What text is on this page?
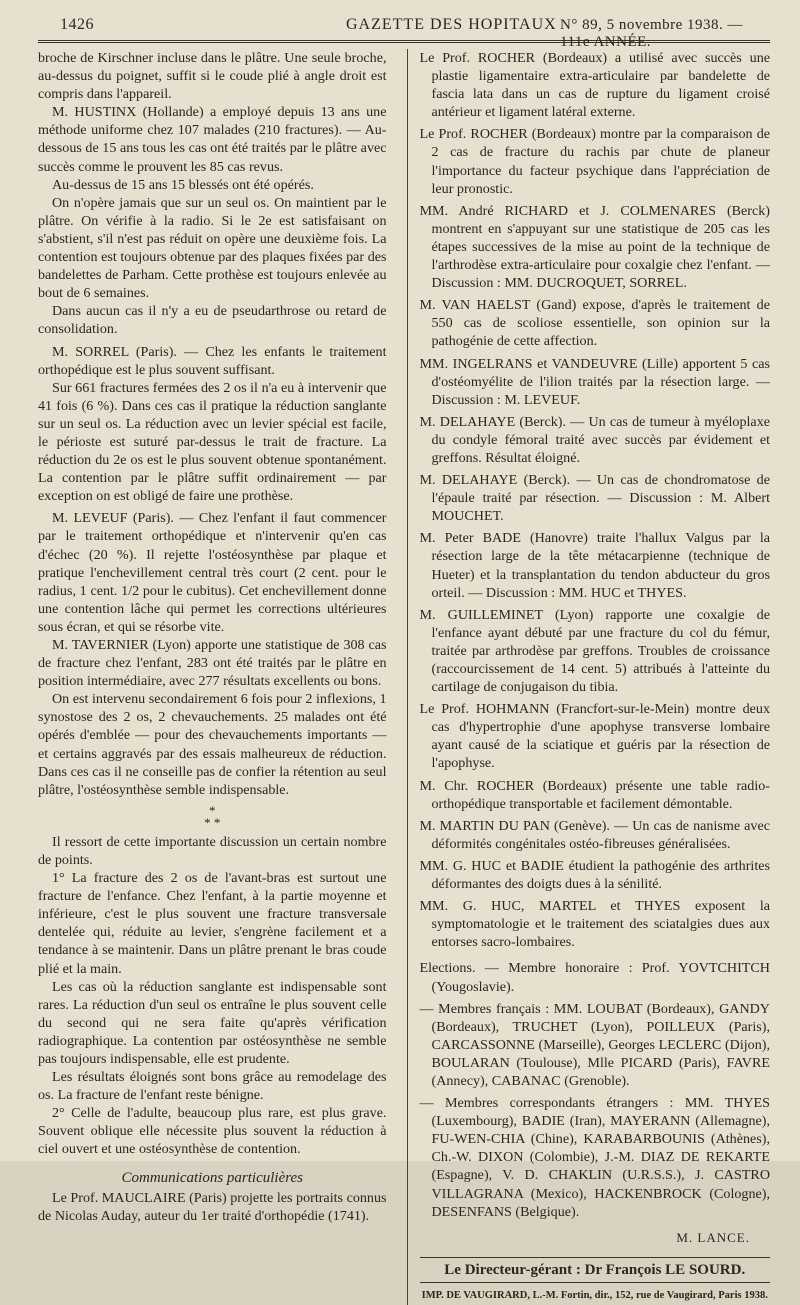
1426	GAZETTE DES HOPITAUX N° 89, 5 novembre 1938. — 111e ANNÉE.

broche de Kirschner incluse dans le plâtre. Une seule broche, au-dessus du poignet, suffit si le coude plié à angle droit est compris dans l'appareil.

M. HUSTINX (Hollande) a employé depuis 13 ans une méthode uniforme chez 107 malades (210 fractures). — Au-dessous de 15 ans tous les cas ont été traités par le plâtre avec succès comme le prouvent les 85 cas revus.

Au-dessus de 15 ans 15 blessés ont été opérés.

On n'opère jamais que sur un seul os. On maintient par le plâtre. On vérifie à la radio. Si le 2e est satisfaisant on s'abstient, s'il n'est pas réduit on opère une deuxième fois. La contention est toujours obtenue par des plaques fixées par des bandelettes de Parham. Cette prothèse est toujours enlevée au bout de 6 semaines.

Dans aucun cas il n'y a eu de pseudarthrose ou retard de consolidation.

M. SORREL (Paris). — Chez les enfants le traitement orthopédique est le plus souvent suffisant.

Sur 661 fractures fermées des 2 os il n'a eu à intervenir que 41 fois (6 %). Dans ces cas il pratique la réduction sanglante sur un seul os. La réduction avec un levier spécial est facile, le périoste est suturé par-dessus le trait de fracture. La réduction du 2e os est le plus souvent obtenue spontanément. La contention par le plâtre suffit ordinairement — par exception on est obligé de faire une prothèse.

M. LEVEUF (Paris). — Chez l'enfant il faut commencer par le traitement orthopédique et n'intervenir qu'en cas d'échec (20 %). Il rejette l'ostéosynthèse par plaque et pratique l'enchevillement central très court (2 cent. pour le radius, 1 cent. 1/2 pour le cubitus). Cet enchevillement donne une contention lâche qui permet les corrections ultérieures sous écran, et qui se résorbe vite.

M. TAVERNIER (Lyon) apporte une statistique de 308 cas de fracture chez l'enfant, 283 ont été traités par le plâtre en position intermédiaire, avec 277 résultats excellents ou bons.

On est intervenu secondairement 6 fois pour 2 inflexions, 1 synostose des 2 os, 2 chevauchements. 25 malades ont été opérés d'emblée — pour des chevauchements importants — et certains aggravés par des essais malheureux de réduction. Dans ces cas il ne conseille pas de confier la rétention au seul plâtre, l'ostéosynthèse semble indispensable.

*
* *

Il ressort de cette importante discussion un certain nombre de points.

1° La fracture des 2 os de l'avant-bras est surtout une fracture de l'enfance. Chez l'enfant, à la partie moyenne et inférieure, c'est le plus souvent une fracture transversale dentelée qui, réduite au levier, s'engrène facilement et a tendance à se maintenir. Dans un plâtre prenant le bras coude plié et la main.

Les cas où la réduction sanglante est indispensable sont rares. La réduction d'un seul os entraîne le plus souvent celle du second qui ne sera faite qu'après vérification radiographique. La contention par ostéosynthèse ne semble pas toujours indispensable, elle est prudente.

Les résultats éloignés sont bons grâce au remodelage des os. La fracture de l'enfant reste bénigne.

2° Celle de l'adulte, beaucoup plus rare, est plus grave. Souvent oblique elle nécessite plus souvent la réduction à ciel ouvert et une ostéosynthèse de contention.

Communications particulières

Le Prof. MAUCLAIRE (Paris) projette les portraits connus de Nicolas Auday, auteur du 1er traité d'orthopédie (1741).

Le Prof. ROCHER (Bordeaux) a utilisé avec succès une plastie ligamentaire extra-articulaire par bandelette de fascia lata dans un cas de rupture du ligament croisé antérieur et ligament latéral externe.

Le Prof. ROCHER (Bordeaux) montre par la comparaison de 2 cas de fracture du rachis par chute de planeur l'importance du facteur psychique dans l'appréciation de leur pronostic.

MM. André RICHARD et J. COLMENARES (Berck) montrent en s'appuyant sur une statistique de 205 cas les étapes successives de la mise au point de la technique de l'arthrodèse extra-articulaire pour coxalgie chez l'enfant. — Discussion : MM. DUCROQUET, SORREL.

M. VAN HAELST (Gand) expose, d'après le traitement de 550 cas de scoliose essentielle, son opinion sur la pathogénie de cette affection.

MM. INGELRANS et VANDEUVRE (Lille) apportent 5 cas d'ostéomyélite de l'ilion traités par la résection large. — Discussion : M. LEVEUF.

M. DELAHAYE (Berck). — Un cas de tumeur à myéloplaxe du condyle fémoral traité avec succès par évidement et greffons. Résultat éloigné.

M. DELAHAYE (Berck). — Un cas de chondromatose de l'épaule traité par résection. — Discussion : M. Albert MOUCHET.

M. Peter BADE (Hanovre) traite l'hallux Valgus par la résection large de la tête métacarpienne (technique de Hueter) et la transplantation du tendon abducteur du gros orteil. — Discussion : MM. HUC et THYES.

M. GUILLEMINET (Lyon) rapporte une coxalgie de l'enfance ayant débuté par une fracture du col du fémur, traitée par arthrodèse par greffons. Troubles de croissance (raccourcissement de 14 cent. 5) attribués à l'atteinte du cartilage de conjugaison du tibia.

Le Prof. HOHMANN (Francfort-sur-le-Mein) montre deux cas d'hypertrophie d'une apophyse transverse lombaire ayant causé de la sciatique et guéris par la résection de l'apophyse.

M. Chr. ROCHER (Bordeaux) présente une table radio-orthopédique transportable et facilement démontable.

M. MARTIN DU PAN (Genève). — Un cas de nanisme avec déformités congénitales ostéo-fibreuses généralisées.

MM. G. HUC et BADIE étudient la pathogénie des arthrites déformantes des doigts dues à la sénilité.

MM. G. HUC, MARTEL et THYES exposent la symptomatologie et le traitement des sciatalgies dues aux entorses sacro-lombaires.

Elections. — Membre honoraire : Prof. YOVTCHITCH (Yougoslavie).

— Membres français : MM. LOUBAT (Bordeaux), GANDY (Bordeaux), TRUCHET (Lyon), POILLEUX (Paris), CARCASSONNE (Marseille), Georges LECLERC (Dijon), BOULARAN (Toulouse), Mlle PICARD (Paris), FAVRE (Annecy), CABANAC (Grenoble).

— Membres correspondants étrangers : MM. THYES (Luxembourg), BADIE (Iran), MAYERANN (Allemagne), FU-WEN-CHIA (Chine), KARABARBOUNIS (Athènes), Ch.-W. DIXON (Colombie), J.-M. DIAZ DE REKARTE (Espagne), V. D. CHAKLIN (U.R.S.S.), J. CASTRO VILLAGRANA (Mexico), HACKENBROCK (Cologne), DESENFANS (Belgique).

M. LANCE.
Le Directeur-gérant : Dr François LE SOURD.
IMP. DE VAUGIRARD, L.-M. Fortin, dir., 152, rue de Vaugirard, Paris 1938.
